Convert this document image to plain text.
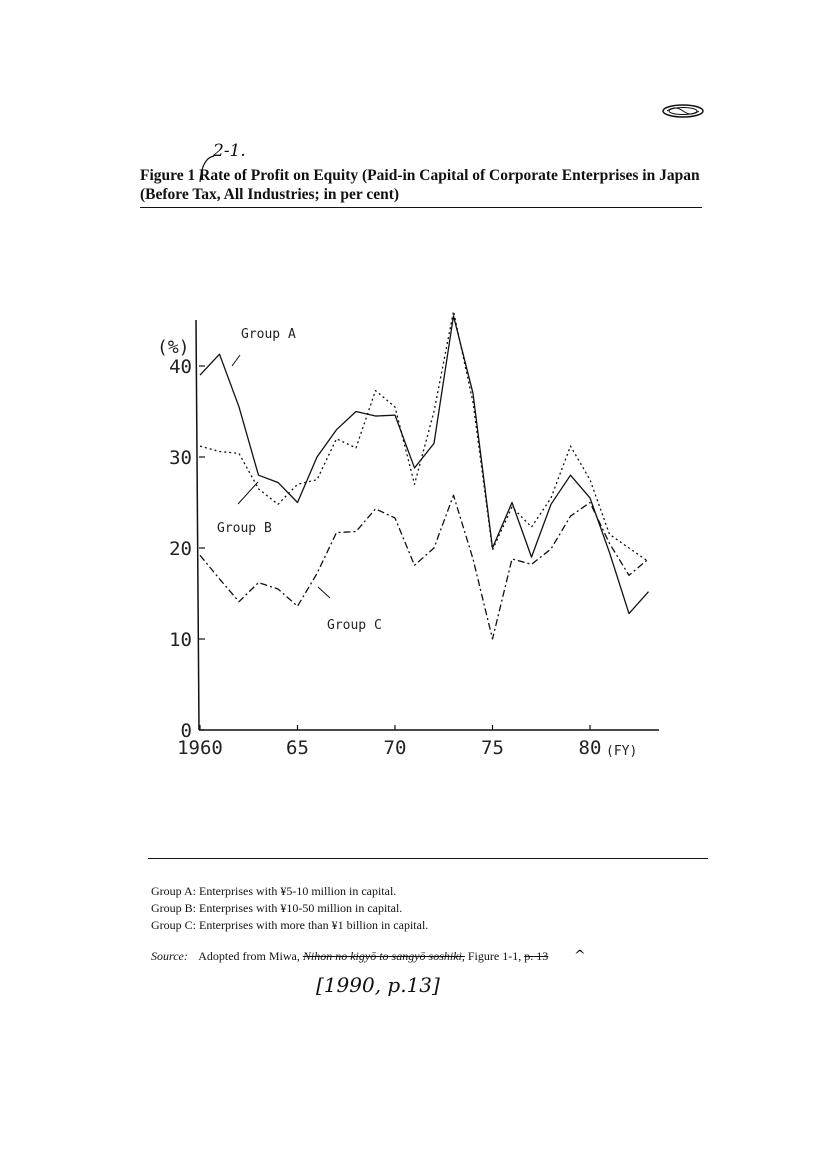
2-1.
Figure 1 Rate of Profit on Equity (Paid-in Capital of Corporate Enterprises in Japan (Before Tax, All Industries; in per cent)
0
10
20
30
40
1960	65	70	75	80
(%)
(FY)
Group A
Group B
Group C
Group A: Enterprises with ¥5-10 million in capital.
Group B: Enterprises with ¥10-50 million in capital.
Group C: Enterprises with more than ¥1 billion in capital.
Source: Adopted from Miwa, Nihon no kigyō to sangyō soshiki, Figure 1-1, p. 13 ^
[1990, p.13]
